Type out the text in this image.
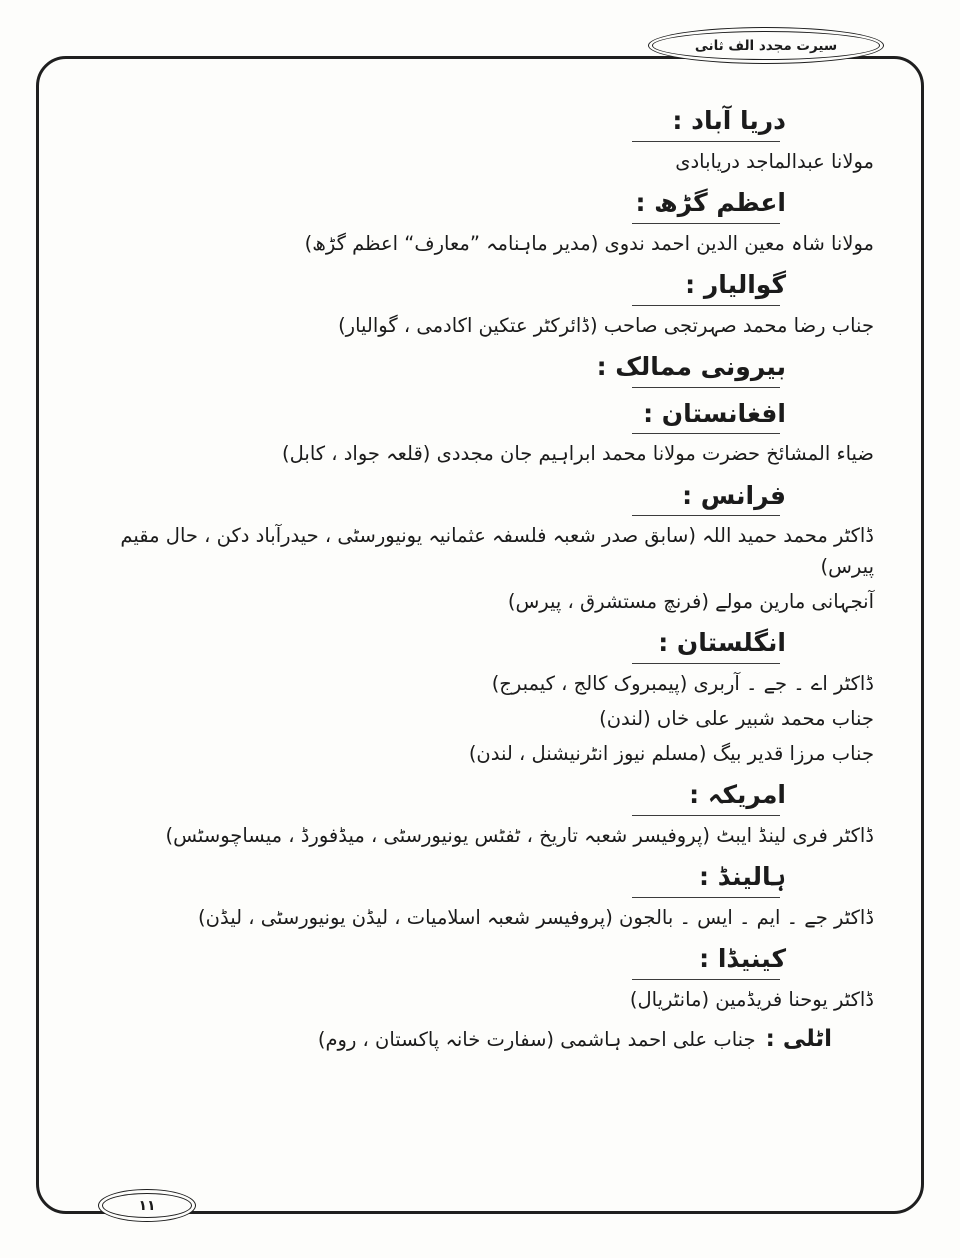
سیرت مجدد الف ثانی
۱۱
دریا آباد :
مولانا عبدالماجد دریابادی
اعظم گڑھ :
مولانا شاہ معین الدین احمد ندوی (مدیر ماہنامہ ”معارف“ اعظم گڑھ)
گوالیار :
جناب رضا محمد صہرتجی صاحب (ڈائرکٹر عتکین اکادمی ، گوالیار)
بیرونی ممالک :
افغانستان :
ضیاء المشائخ حضرت مولانا محمد ابراہیم جان مجددی (قلعہ جواد ، کابل)
فرانس :
ڈاکٹر محمد حمید اللہ (سابق صدر شعبہ فلسفہ عثمانیہ یونیورسٹی ، حیدرآباد دکن ، حال مقیم پیرس)
آنجہانی مارین مولے (فرنچ مستشرق ، پیرس)
انگلستان :
ڈاکٹر اے ۔ جے ۔ آربری (پیمبروک کالج ، کیمبرج)
جناب محمد شبیر علی خاں (لندن)
جناب مرزا قدیر بیگ (مسلم نیوز انٹرنیشنل ، لندن)
امریکہ :
ڈاکٹر فری لینڈ ایبٹ (پروفیسر شعبہ تاریخ ، ٹفٹس یونیورسٹی ، میڈفورڈ ، میساچوسٹس)
ہالینڈ :
ڈاکٹر جے ۔ ایم ۔ ایس ۔ بالجون (پروفیسر شعبہ اسلامیات ، لیڈن یونیورسٹی ، لیڈن)
کینیڈا :
ڈاکٹر یوحنا فریڈمین (مانٹریال)
اٹلی :جناب علی احمد ہاشمی (سفارت خانہ پاکستان ، روم)
